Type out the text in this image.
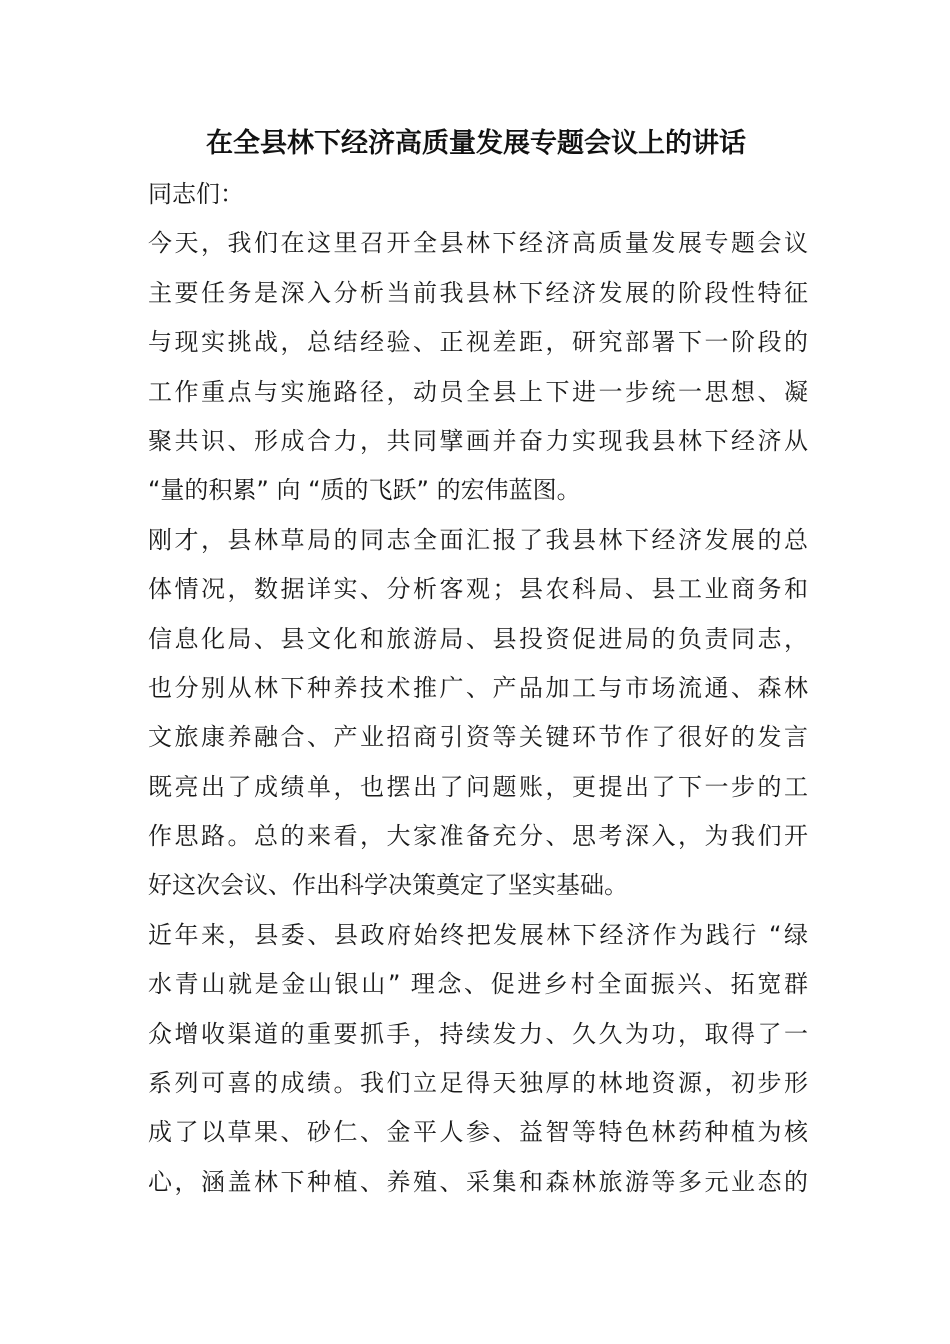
在全县林下经济高质量发展专题会议上的讲话
同志们：
今天，我们在这里召开全县林下经济高质量发展专题会议
主要任务是深入分析当前我县林下经济发展的阶段性特征
与现实挑战，总结经验、正视差距，研究部署下一阶段的
工作重点与实施路径，动员全县上下进一步统一思想、凝
聚共识、形成合力，共同擘画并奋力实现我县林下经济从
“量的积累” 向 “质的飞跃” 的宏伟蓝图。
刚才，县林草局的同志全面汇报了我县林下经济发展的总
体情况，数据详实、分析客观；县农科局、县工业商务和
信息化局、县文化和旅游局、县投资促进局的负责同志，
也分别从林下种养技术推广、产品加工与市场流通、森林
文旅康养融合、产业招商引资等关键环节作了很好的发言
既亮出了成绩单，也摆出了问题账，更提出了下一步的工
作思路。总的来看，大家准备充分、思考深入，为我们开
好这次会议、作出科学决策奠定了坚实基础。
近年来，县委、县政府始终把发展林下经济作为践行 “绿
水青山就是金山银山” 理念、促进乡村全面振兴、拓宽群
众增收渠道的重要抓手，持续发力、久久为功，取得了一
系列可喜的成绩。我们立足得天独厚的林地资源，初步形
成了以草果、砂仁、金平人参、益智等特色林药种植为核
心，涵盖林下种植、养殖、采集和森林旅游等多元业态的
